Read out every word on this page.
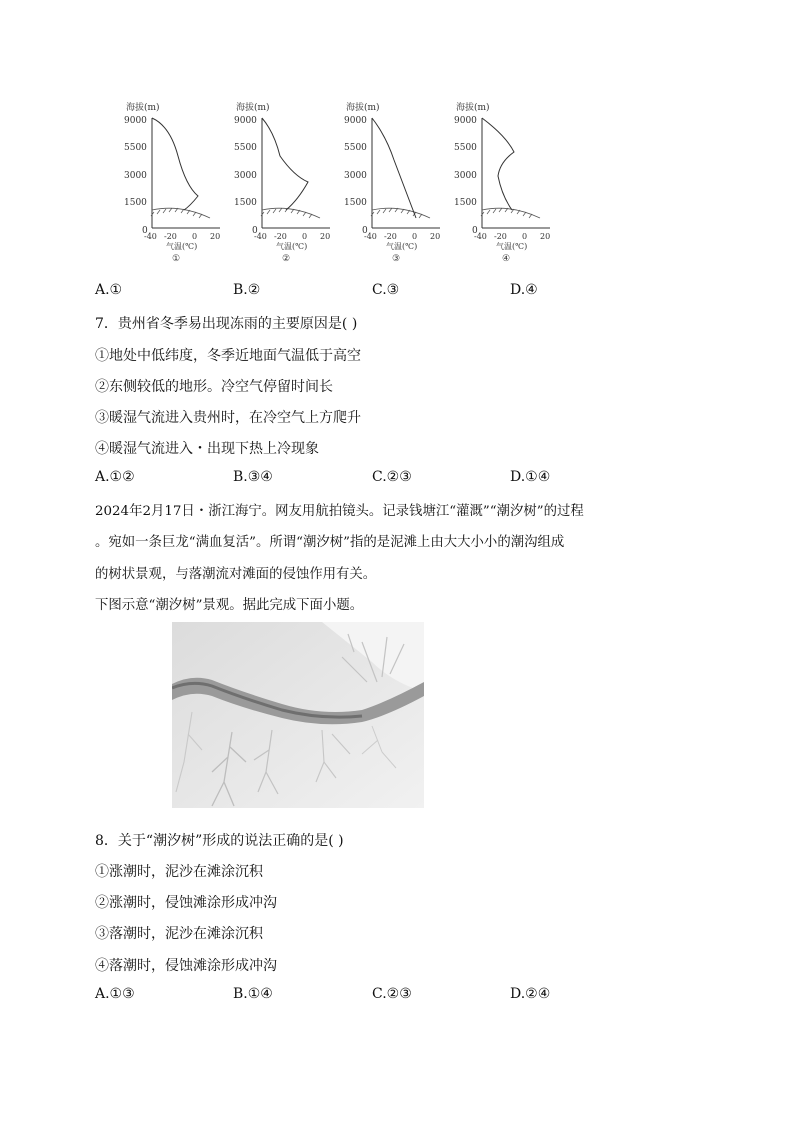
海拔(m)
9000
5500
3000
1500
0
-40 -20 0 20
气温(℃)
①
海拔(m)
9000
5500
3000
1500
0
-40 -20 0 20
气温(℃)
②
海拔(m)
9000
5500
3000
1500
0
-40 -20 0 20
气温(℃)
③
海拔(m)
9000
5500
3000
1500
0
-40 -20 0 20
气温(℃)
④
A.①	B.②	C.③	D.④
7．贵州省冬季易出现冻雨的主要原因是( )
①地处中低纬度，冬季近地面气温低于高空
②东侧较低的地形。冷空气停留时间长
③暖湿气流进入贵州时，在冷空气上方爬升
④暖湿气流进入・出现下热上冷现象
A.①②	B.③④	C.②③	D.①④
2024年2月17日・浙江海宁。网友用航拍镜头。记录钱塘江“灌溉”“潮汐树”的过程
。宛如一条巨龙“满血复活”。所谓“潮汐树”指的是泥滩上由大大小小的潮沟组成
的树状景观，与落潮流对滩面的侵蚀作用有关。
下图示意“潮汐树”景观。据此完成下面小题。
8．关于“潮汐树”形成的说法正确的是( )
①涨潮时，泥沙在滩涂沉积
②涨潮时，侵蚀滩涂形成冲沟
③落潮时，泥沙在滩涂沉积
④落潮时，侵蚀滩涂形成冲沟
A.①③	B.①④	C.②③	D.②④
